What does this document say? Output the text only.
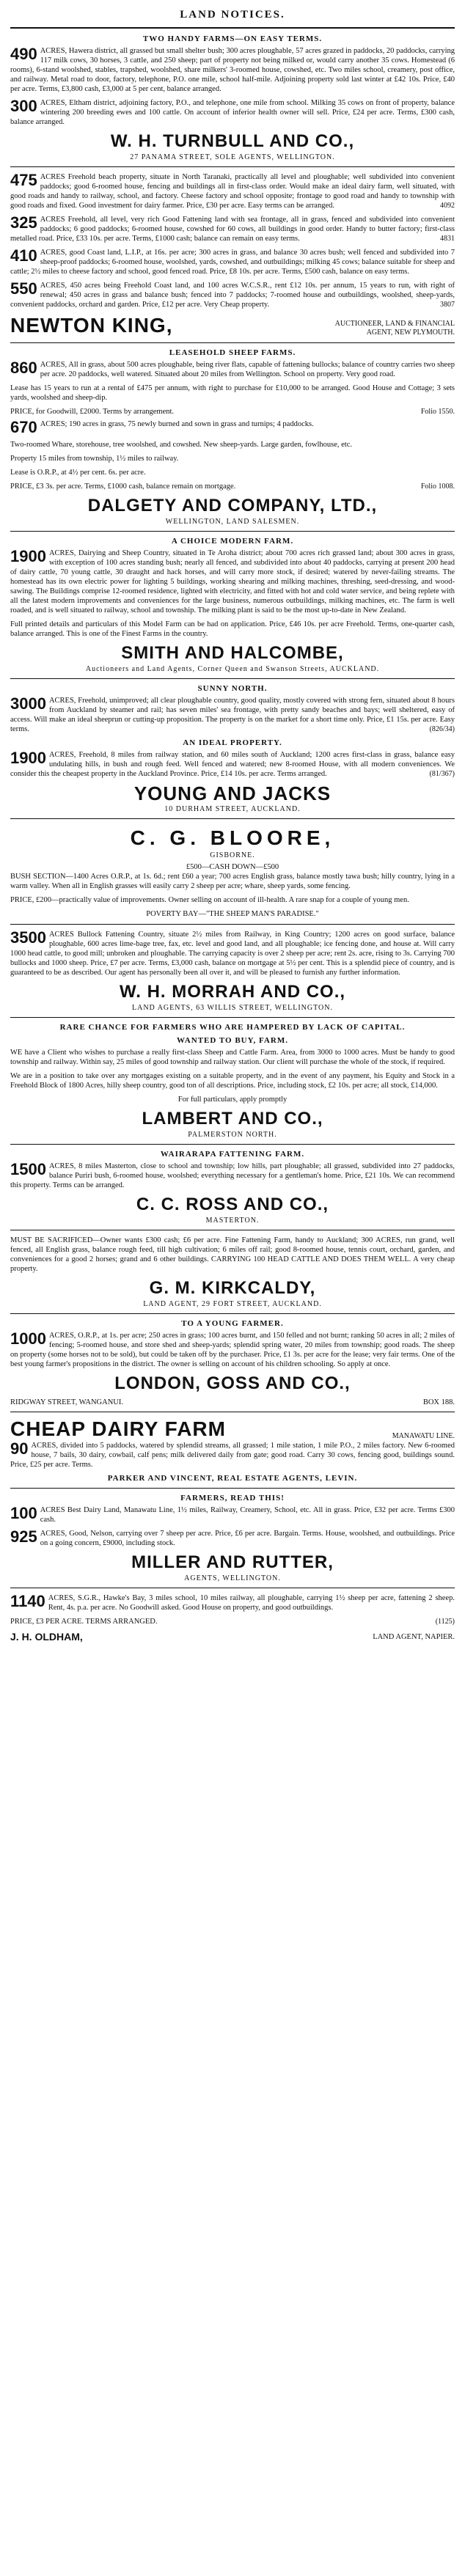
LAND NOTICES.
TWO HANDY FARMS—ON EASY TERMS.
490 ACRES, Hawera district, all grassed but small shelter bush; 300 acres ploughable, 57 acres grazed in paddocks, 20 paddocks, carrying 117 milk cows, 30 horses, 3 cattle, and 250 sheep; part of property not being milked or, would carry another 35 cows. Homestead (6 rooms), 6-stand woolshed, stables, trapshed, woolshed, share milkers' 3-roomed house, cowshed, etc. Two miles school, creamery, post office, and railway. Metal road to door, factory, telephone, P.O. one mile, school half-mile. Adjoining property sold last winter at £42 10s. Price, £40 per acre. Terms, £3,800 cash, £3,000 at 5 per cent, balance arranged.
300 ACRES, Eltham district, adjoining factory, P.O., and telephone, one mile from school. Milking 35 cows on front of property, balance wintering 200 breeding ewes and 100 cattle. On account of inferior health owner will sell. Price, £24 per acre. Terms, £300 cash, balance arranged.
W. H. TURNBULL AND CO.,
27 PANAMA STREET, SOLE AGENTS, WELLINGTON.
475 ACRES Freehold beach property, situate in North Taranaki, practically all level and ploughable; well subdivided into convenient paddocks; good 6-roomed house, fencing and buildings all in first-class order. Would make an ideal dairy farm, well situated, with good roads and handy to railway, school, and factory. Cheese factory and school opposite; frontage to good road and handy to township with good roads and fixed. Good investment for dairy farmer. Price, £30 per acre. Easy terms can be arranged.	4092
325 ACRES Freehold, all level, very rich Good Fattening land with sea frontage, all in grass, fenced and subdivided into convenient paddocks; 6 good paddocks; 6-roomed house, cowshed for 60 cows, all buildings in good order. Handy to butter factory; first-class metalled road. Price, £33 10s. per acre. Terms, £1000 cash; balance can remain on easy terms.	4831
410 ACRES, good Coast land, L.I.P., at 16s. per acre; 300 acres in grass, and balance 30 acres bush; well fenced and subdivided into 7 sheep-proof paddocks; 6-roomed house, woolshed, yards, cowshed, and outbuildings; milking 45 cows; balance suitable for sheep and cattle; 2½ miles to cheese factory and school, good fenced road. Price, £8 10s. per acre. Terms, £500 cash, balance on easy terms.
550 ACRES, 450 acres being Freehold Coast land, and 100 acres W.C.S.R., rent £12 10s. per annum, 15 years to run, with right of renewal; 450 acres in grass and balance bush; fenced into 7 paddocks; 7-roomed house and outbuildings, woolshed, sheep-yards, convenient paddocks, orchard and garden. Price, £12 per acre. Very Cheap property.	3807
NEWTON KING,	AUCTIONEER, LAND & FINANCIAL
AGENT, NEW PLYMOUTH.
LEASEHOLD SHEEP FARMS.
860 ACRES, All in grass, about 500 acres ploughable, being river flats, capable of fattening bullocks; balance of country carries two sheep per acre. 20 paddocks, well watered. Situated about 20 miles from Wellington. School on property. Very good road.
Lease has 15 years to run at a rental of £475 per annum, with right to purchase for £10,000 to be arranged. Good House and Cottage; 3 sets yards, woolshed and sheep-dip.
Folio 1550.
PRICE, for Goodwill, £2000. Terms by arrangement.
670 ACRES; 190 acres in grass, 75 newly burned and sown in grass and turnips; 4 paddocks.
Two-roomed Whare, storehouse, tree woolshed, and cowshed. New sheep-yards. Large garden, fowlhouse, etc.
Property 15 miles from township, 1½ miles to railway.
Lease is O.R.P., at 4½ per cent. 6s. per acre.
PRICE, £3 3s. per acre. Terms, £1000 cash, balance remain on mortgage.	Folio 1008.
DALGETY AND COMPANY, LTD.,
WELLINGTON, LAND SALESMEN.
A CHOICE MODERN FARM.
1900 ACRES, Dairying and Sheep Country, situated in Te Aroha district; about 700 acres rich grassed land; about 300 acres in grass, with exception of 100 acres standing bush; nearly all fenced, and subdivided into about 40 paddocks, carrying at present 200 head of dairy cattle, 70 young cattle, 30 draught and hack horses, and will carry more stock, if desired; watered by never-failing streams. The homestead has its own electric power for lighting 5 buildings, working shearing and milking machines, threshing, seed-dressing, and wood-sawing. The Buildings comprise 12-roomed residence, lighted with electricity, and fitted with hot and cold water service, and being replete with all the latest modern improvements and conveniences for the large business, numerous outbuildings, milking machines, etc. The farm is well roaded, and is well situated to railway, school and township. The milking plant is said to be the most up-to-date in New Zealand.
Full printed details and particulars of this Model Farm can be had on application. Price, £46 10s. per acre Freehold. Terms, one-quarter cash, balance arranged. This is one of the Finest Farms in the country.
SMITH AND HALCOMBE,
Auctioneers and Land Agents, Corner Queen and Swanson Streets, AUCKLAND.
SUNNY NORTH.
3000 ACRES, Freehold, unimproved; all clear ploughable country, good quality, mostly covered with strong fern, situated about 8 hours from Auckland by steamer and rail; has seven miles' sea frontage, with pretty sandy beaches and bays; well sheltered, easy of access. Will make an ideal sheeprun or cutting-up proposition. The property is on the market for a short time only. Price, £1 15s. per acre. Easy terms.	(826/34)
AN IDEAL PROPERTY.
1900 ACRES, Freehold, 8 miles from railway station, and 60 miles south of Auckland; 1200 acres first-class in grass, balance easy undulating hills, in bush and rough feed. Well fenced and watered; new 8-roomed House, with all modern conveniences. We consider this the cheapest property in the Auckland Province. Price, £14 10s. per acre. Terms arranged.	(81/367)
YOUNG AND JACKS
10 DURHAM STREET, AUCKLAND.
C. G. BLOORE,
GISBORNE.
£500—CASH DOWN—£500
BUSH SECTION—1400 Acres O.R.P., at 1s. 6d.; rent £60 a year; 700 acres English grass, balance mostly tawa bush; hilly country, lying in a warm valley. When all in English grasses will easily carry 2 sheep per acre; whare, sheep yards, some fencing.
PRICE, £200—practically value of improvements. Owner selling on account of ill-health. A rare snap for a couple of young men.
POVERTY BAY—"THE SHEEP MAN'S PARADISE."
3500 ACRES Bullock Fattening Country, situate 2½ miles from Railway, in King Country; 1200 acres on good surface, balance ploughable, 600 acres lime-bage tree, fax, etc. level and good land, and all ploughable; ice fencing done, and house at. Will carry 1000 head cattle, to good mill; unbroken and ploughable. The carrying capacity is over 2 sheep per acre; rent 2s. acre, rising to 3s. Carrying 700 bullocks and 1000 sheep. Price, £7 per acre. Terms, £3,000 cash, balance on mortgage at 5½ per cent. This is a splendid piece of country, and is guaranteed to be as described. Our agent has personally been all over it, and will be pleased to furnish any further information.
W. H. MORRAH AND CO.,
LAND AGENTS, 63 WILLIS STREET, WELLINGTON.
RARE CHANCE FOR FARMERS WHO ARE HAMPERED BY LACK OF CAPITAL.
WANTED TO BUY, FARM.
WE have a Client who wishes to purchase a really first-class Sheep and Cattle Farm. Area, from 3000 to 1000 acres. Must be handy to good township and railway. Within say, 25 miles of good township and railway station. Our client will purchase the whole of the stock, if required.
We are in a position to take over any mortgages existing on a suitable property, and in the event of any payment, his Equity and Stock in a Freehold Block of 1800 Acres, hilly sheep country, good ton of all descriptions. Price, including stock, £2 10s. per acre; all stock, £14,000.
For full particulars, apply promptly
LAMBERT AND CO.,
PALMERSTON NORTH.
WAIRARAPA FATTENING FARM.
1500 ACRES, 8 miles Masterton, close to school and township; low hills, part ploughable; all grassed, subdivided into 27 paddocks, balance Puriri bush, 6-roomed house, woolshed; everything necessary for a gentleman's home. Price, £21 10s. We can recommend this property. Terms can be arranged.
C. C. ROSS AND CO.,
MASTERTON.
MUST BE SACRIFICED—Owner wants £300 cash; £6 per acre. Fine Fattening Farm, handy to Auckland; 300 ACRES, run grand, well fenced, all English grass, balance rough feed, till high cultivation; 6 miles off rail; good 8-roomed house, tennis court, orchard, garden, and conveniences for a good 2 horses; grand and 6 other buildings. CARRYING 100 HEAD CATTLE AND DOES THEM WELL. A very cheap property.
G. M. KIRKCALDY,
LAND AGENT, 29 FORT STREET, AUCKLAND.
TO A YOUNG FARMER.
1000 ACRES, O.R.P., at 1s. per acre; 250 acres in grass; 100 acres burnt, and 150 felled and not burnt; ranking 50 acres in all; 2 miles of fencing; 5-roomed house, and store shed and sheep-yards; splendid spring water, 20 miles from township; good roads. The sheep on property (some horses not to be sold), but could be taken off by the purchaser. Price, £1 3s. per acre for the lease; very fair terms. One of the best young farmer's propositions in the district. The owner is selling on account of his children schooling. So apply at once.
LONDON, GOSS AND CO.,
RIDGWAY STREET, WANGANUI.	BOX 188.
CHEAP DAIRY FARM	MANAWATU LINE.
90 ACRES, divided into 5 paddocks, watered by splendid streams, all grassed; 1 mile station, 1 mile P.O., 2 miles factory. New 6-roomed house, 7 bails, 30 dairy, cowbail, calf pens; milk delivered daily from gate; good road. Carry 30 cows, fencing good, buildings sound. Price, £25 per acre. Terms.
PARKER AND VINCENT, REAL ESTATE AGENTS, LEVIN.
FARMERS, READ THIS!
100 ACRES Best Dairy Land, Manawatu Line, 1½ miles, Railway, Creamery, School, etc. All in grass. Price, £32 per acre. Terms £300 cash.
925 ACRES, Good, Nelson, carrying over 7 sheep per acre. Price, £6 per acre. Bargain. Terms. House, woolshed, and outbuildings. Price on a going concern, £9000, including stock.
MILLER AND RUTTER,
AGENTS, WELLINGTON.
1140 ACRES, S.G.R., Hawke's Bay, 3 miles school, 10 miles railway, all ploughable, carrying 1½ sheep per acre, fattening 2 sheep. Rent, 4s. p.a. per acre. No Goodwill asked. Good House on property, and good outbuildings.
(1125)
PRICE, £3 PER ACRE. TERMS ARRANGED.
J. H. OLDHAM,	LAND AGENT, NAPIER.
